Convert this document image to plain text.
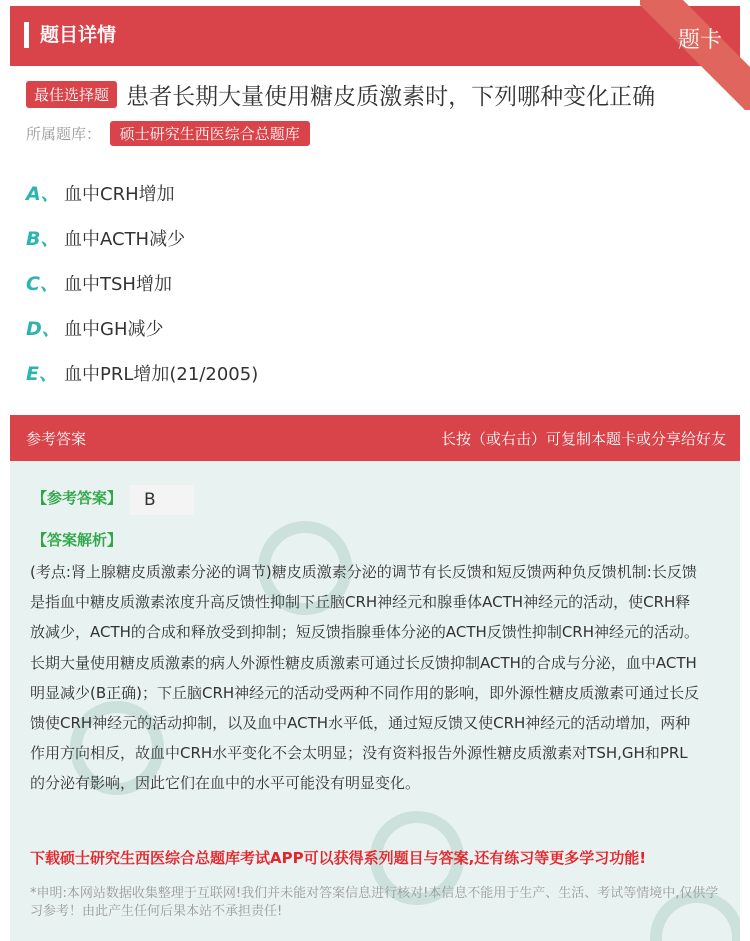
题目详情	题卡
最佳选择题 患者长期大量使用糖皮质激素时，下列哪种变化正确
所属题库： 硕士研究生西医综合总题库
A、 血中CRH增加
B、 血中ACTH减少
C、 血中TSH增加
D、 血中GH减少
E、 血中PRL增加(21/2005)
参考答案	长按（或右击）可复制本题卡或分享给好友
【参考答案】	B
【答案解析】
(考点:肾上腺糖皮质激素分泌的调节)糖皮质激素分泌的调节有长反馈和短反馈两种负反馈机制:长反馈是指血中糖皮质激素浓度升高反馈性抑制下丘脑CRH神经元和腺垂体ACTH神经元的活动，使CRH释放减少，ACTH的合成和释放受到抑制；短反馈指腺垂体分泌的ACTH反馈性抑制CRH神经元的活动。长期大量使用糖皮质激素的病人外源性糖皮质激素可通过长反馈抑制ACTH的合成与分泌，血中ACTH明显减少(B正确)；下丘脑CRH神经元的活动受两种不同作用的影响，即外源性糖皮质激素可通过长反馈使CRH神经元的活动抑制，以及血中ACTH水平低，通过短反馈又使CRH神经元的活动增加，两种作用方向相反，故血中CRH水平变化不会太明显；没有资料报告外源性糖皮质激素对TSH,GH和PRL的分泌有影响，因此它们在血中的水平可能没有明显变化。
下载硕士研究生西医综合总题库考试APP可以获得系列题目与答案,还有练习等更多学习功能!
*申明:本网站数据收集整理于互联网!我们并未能对答案信息进行核对!本信息不能用于生产、生活、考试等情境中,仅供学习参考！由此产生任何后果本站不承担责任!
